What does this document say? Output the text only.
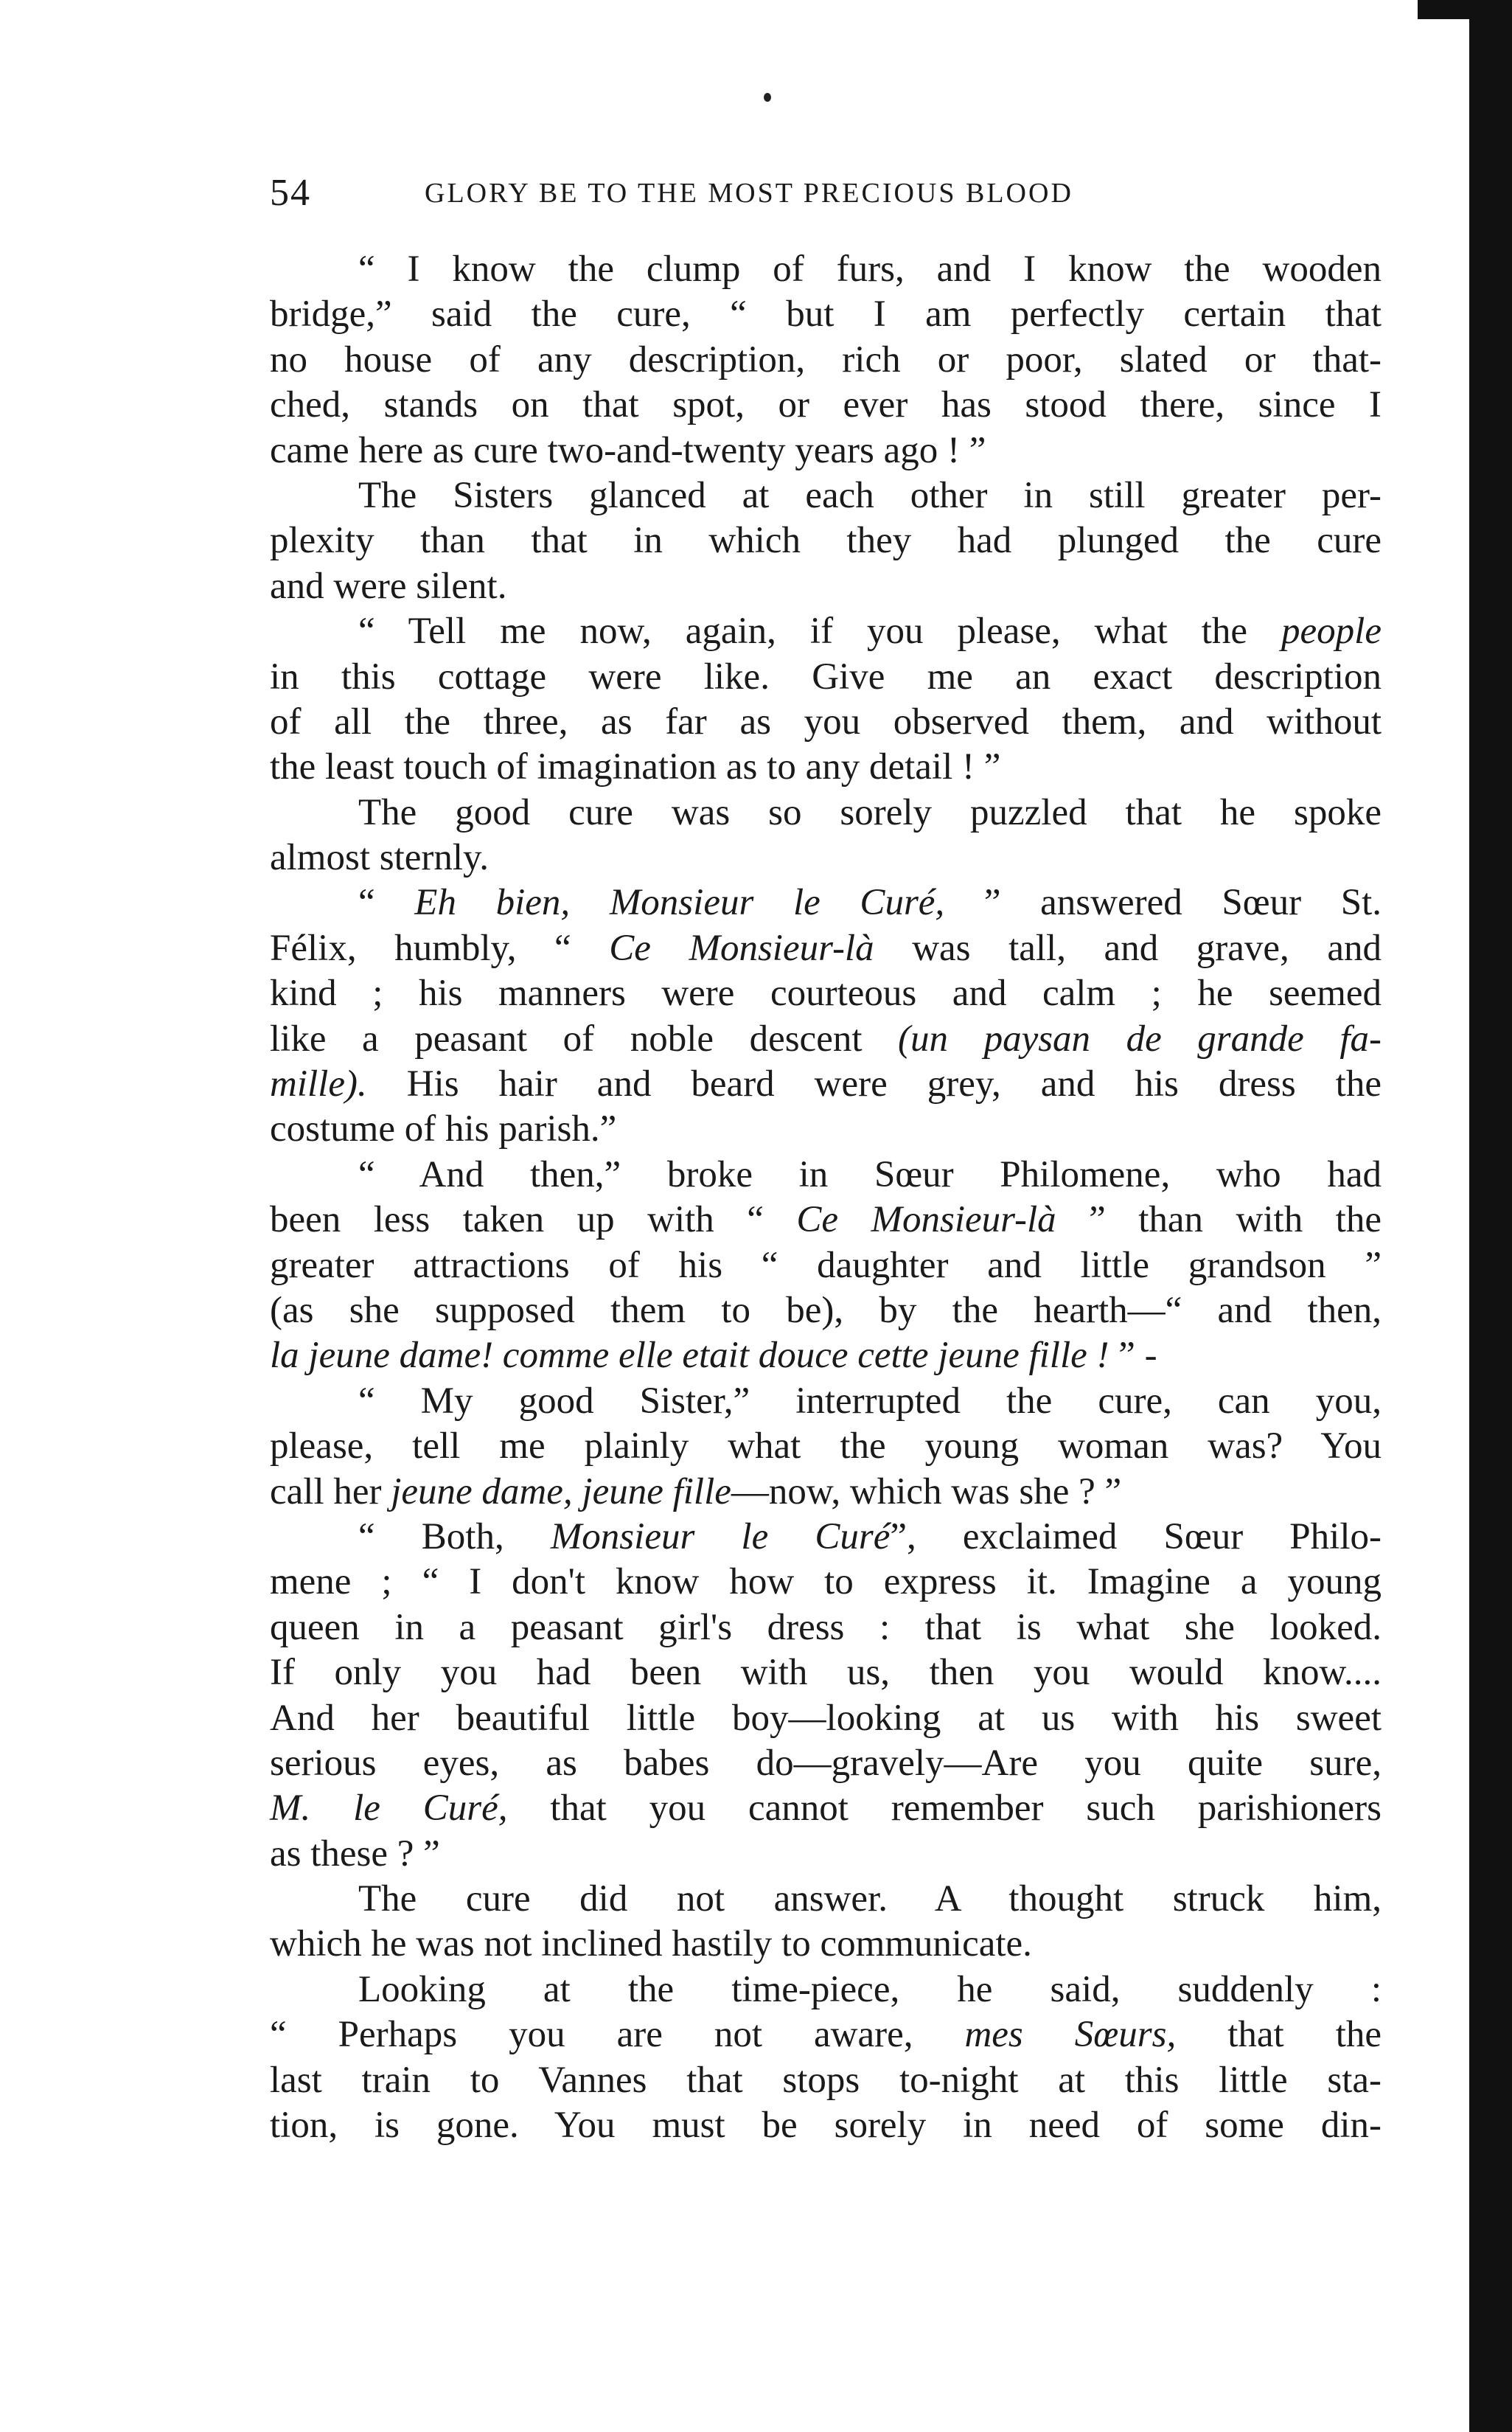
54	GLORY BE TO THE MOST PRECIOUS BLOOD
“ I know the clump of furs, and I know the wooden
bridge,” said the cure, “ but I am perfectly certain that
no house of any description, rich or poor, slated or that-
ched, stands on that spot, or ever has stood there, since I
came here as cure two-and-twenty years ago ! ”
The Sisters glanced at each other in still greater per-
plexity than that in which they had plunged the cure
and were silent.
“ Tell me now, again, if you please, what the people
in this cottage were like. Give me an exact description
of all the three, as far as you observed them, and without
the least touch of imagination as to any detail ! ”
The good cure was so sorely puzzled that he spoke
almost sternly.
“ Eh bien, Monsieur le Curé, ” answered Sœur St.
Félix, humbly, “ Ce Monsieur-là was tall, and grave, and
kind ; his manners were courteous and calm ; he seemed
like a peasant of noble descent (un paysan de grande fa-
mille). His hair and beard were grey, and his dress the
costume of his parish.”
“ And then,” broke in Sœur Philomene, who had
been less taken up with “ Ce Monsieur-là ” than with the
greater attractions of his “ daughter and little grandson ”
(as she supposed them to be), by the hearth—“ and then,
la jeune dame! comme elle etait douce cette jeune fille ! ” -
“ My good Sister,” interrupted the cure, can you,
please, tell me plainly what the young woman was? You
call her jeune dame, jeune fille—now, which was she ? ”
“ Both, Monsieur le Curé”, exclaimed Sœur Philo-
mene ; “ I don't know how to express it. Imagine a young
queen in a peasant girl's dress : that is what she looked.
If only you had been with us, then you would know....
And her beautiful little boy—looking at us with his sweet
serious eyes, as babes do—gravely—Are you quite sure,
M. le Curé, that you cannot remember such parishioners
as these ? ”
The cure did not answer. A thought struck him,
which he was not inclined hastily to communicate.
Looking at the time-piece, he said, suddenly :
“ Perhaps you are not aware, mes Sœurs, that the
last train to Vannes that stops to-night at this little sta-
tion, is gone. You must be sorely in need of some din-
